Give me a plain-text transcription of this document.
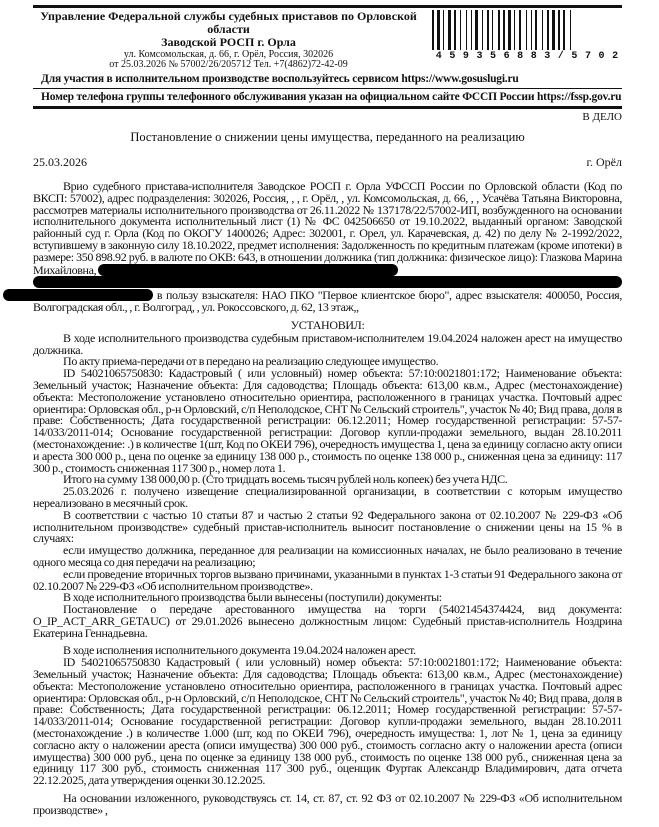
Управление Федеральной службы судебных приставов по Орловской области
Заводской РОСП г. Орла
ул. Комсомольская, д. 66, г. Орёл, Россия, 302026
от 25.03.2026 № 57002/26/205712 Тел. +7(4862)72-42-09
4 5 9 3 5 6 8 8 3 / 5 7 0 2
Для участия в исполнительном производстве воспользуйтесь сервисом https://www.gosuslugi.ru
Номер телефона группы телефонного обслуживания указан на официальном сайте ФССП России https://fssp.gov.ru
В ДЕЛО
Постановление о снижении цены имущества, переданного на реализацию
25.03.2026	г. Орёл

Врио судебного пристава-исполнителя Заводское РОСП г. Орла УФССП России по Орловской области (Код по ВКСП: 57002), адрес подразделения: 302026, Россия, , , г. Орёл, , ул. Комсомольская, д. 66, , , Усачёва Татьяна Викторовна, рассмотрев материалы исполнительного производства от 26.11.2022 № 137178/22/57002-ИП, возбужденного на основании исполнительного документа исполнительный лист (1) № ФС 042506650 от 19.10.2022, выданный органом: Заводской районный суд г. Орла (Код по ОКОГУ 1400026; Адрес: 302001, г. Орел, ул. Карачевская, д. 42) по делу № 2-1992/2022, вступившему в законную силу 18.10.2022, предмет исполнения: Задолженность по кредитным платежам (кроме ипотеки) в размере: 350 898.92 руб. в валюте по ОКВ: 643, в отношении должника (тип должника: физическое лицо): Глазкова Марина Михайловна,
в пользу взыскателя: НАО ПКО "Первое клиентское бюро", адрес взыскателя: 400050, Россия, Волгоградская обл., , г. Волгоград, , ул. Рокоссовского, д. 62, 13 этаж,,

УСТАНОВИЛ:

В ходе исполнительного производства судебным приставом-исполнителем 19.04.2024 наложен арест на имущество должника.

По акту приема-передачи от в передано на реализацию следующее имущество.

ID 54021065750830: Кадастровый ( или условный) номер объекта: 57:10:0021801:172; Наименование объекта: Земельный участок; Назначение объекта: Для садоводства; Площадь объекта: 613,00 кв.м., Адрес (местонахождение) объекта: Местоположение установлено относительно ориентира, расположенного в границах участка. Почтовый адрес ориентира: Орловская обл., р-н Орловский, с/п Неполодское, СНТ № Сельский строитель", участок № 40; Вид права, доля в праве: Собственность; Дата государственной регистрации: 06.12.2011; Номер государственной регистрации: 57-57-14/033/2011-014; Основание государственной регистрации: Договор купли-продажи земельного, выдан 28.10.2011 (местонахождение: .) в количестве 1(шт, Код по ОКЕИ 796), очередность имущества 1, цена за единицу согласно акту описи и ареста 300 000 р., цена по оценке за единицу 138 000 р., стоимость по оценке 138 000 р., сниженная цена за единицу: 117 300 р., стоимость сниженная 117 300 р., номер лота 1.

Итого на сумму 138 000,00 р. (Сто тридцать восемь тысяч рублей ноль копеек) без учета НДС.

25.03.2026 г. получено извещение специализированной организации, в соответствии с которым имущество нереализовано в месячный срок.

В соответствии с частью 10 статьи 87 и частью 2 статьи 92 Федерального закона от 02.10.2007 № 229-ФЗ «Об исполнительном производстве» судебный пристав-исполнитель выносит постановление о снижении цены на 15 % в случаях:

если имущество должника, переданное для реализации на комиссионных началах, не было реализовано в течение одного месяца со дня передачи на реализацию;

если проведение вторичных торгов вызвано причинами, указанными в пунктах 1-3 статьи 91 Федерального закона от 02.10.2007 № 229-ФЗ «Об исполнительном производстве».

В ходе исполнительного производства были вынесены (поступили) документы:

Постановление о передаче арестованного имущества на торги (54021454374424, вид документа: O_IP_ACT_ARR_GETAUC) от 29.01.2026 вынесено должностным лицом: Судебный пристав-исполнитель Ноздрина Екатерина Геннадьевна.

В ходе исполнения исполнительного документа 19.04.2024 наложен арест.

ID 54021065750830 Кадастровый ( или условный) номер объекта: 57:10:0021801:172; Наименование объекта: Земельный участок; Назначение объекта: Для садоводства; Площадь объекта: 613,00 кв.м., Адрес (местонахождение) объекта: Местоположение установлено относительно ориентира, расположенного в границах участка. Почтовый адрес ориентира: Орловская обл., р-н Орловский, с/п Неполодское, СНТ № Сельский строитель", участок № 40; Вид права, доля в праве: Собственность; Дата государственной регистрации: 06.12.2011; Номер государственной регистрации: 57-57-14/033/2011-014; Основание государственной регистрации: Договор купли-продажи земельного, выдан 28.10.2011 (местонахождение .) в количестве 1.000 (шт, код по ОКЕИ 796), очередность имущества: 1, лот № 1, цена за единицу согласно акту о наложении ареста (описи имущества) 300 000 руб., стоимость согласно акту о наложении ареста (описи имущества) 300 000 руб., цена по оценке за единицу 138 000 руб., стоимость по оценке 138 000 руб., сниженная цена за единицу 117 300 руб., стоимость сниженная 117 300 руб., оценщик Фуртак Александр Владимирович, дата отчета 22.12.2025, дата утверждения оценки 30.12.2025.

На основании изложенного, руководствуясь ст. 14, ст. 87, ст. 92 ФЗ от 02.10.2007 № 229-ФЗ «Об исполнительном производстве» ,
